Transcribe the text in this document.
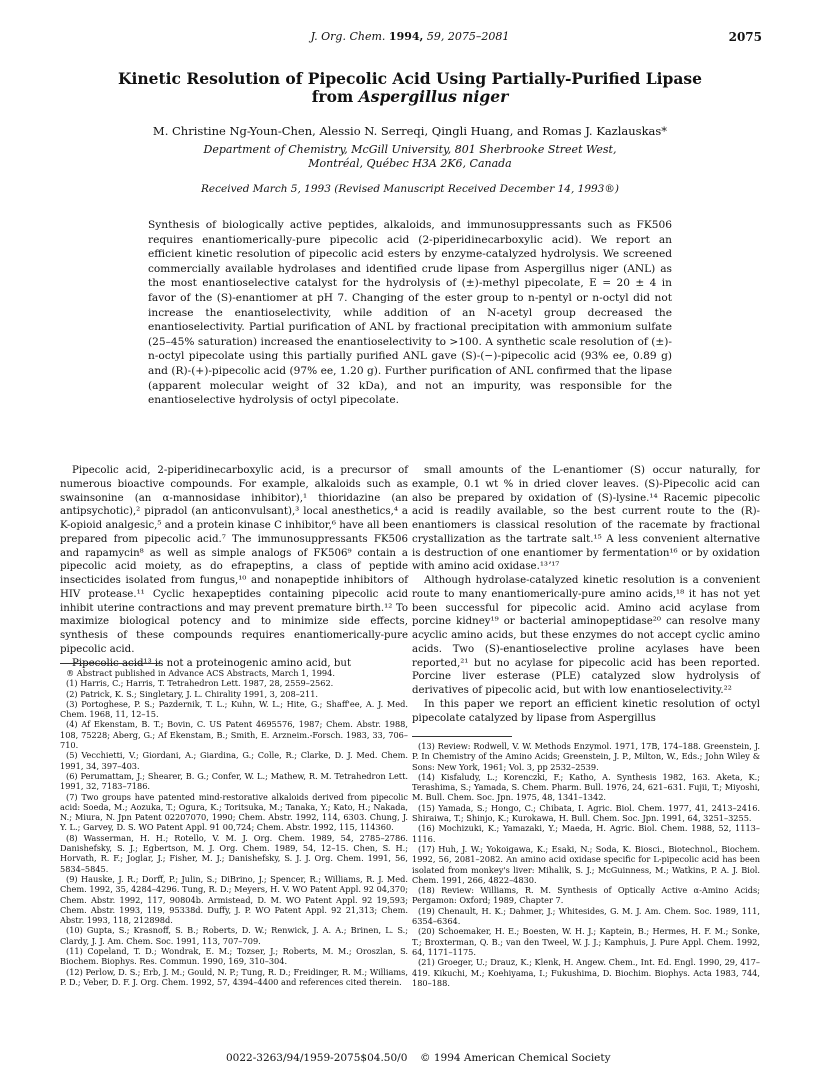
J. Org. Chem. 1994, 59, 2075–2081	2075
Kinetic Resolution of Pipecolic Acid Using Partially-Purified Lipase
from Aspergillus niger
M. Christine Ng-Youn-Chen, Alessio N. Serreqi, Qingli Huang, and Romas J. Kazlauskas*
Department of Chemistry, McGill University, 801 Sherbrooke Street West,
Montréal, Québec H3A 2K6, Canada
Received March 5, 1993 (Revised Manuscript Received December 14, 1993®)
Synthesis of biologically active peptides, alkaloids, and immunosuppressants such as FK506 requires enantiomerically-pure pipecolic acid (2-piperidinecarboxylic acid). We report an efficient kinetic resolution of pipecolic acid esters by enzyme-catalyzed hydrolysis. We screened commercially available hydrolases and identified crude lipase from Aspergillus niger (ANL) as the most enantioselective catalyst for the hydrolysis of (±)-methyl pipecolate, E = 20 ± 4 in favor of the (S)-enantiomer at pH 7. Changing of the ester group to n-pentyl or n-octyl did not increase the enantioselectivity, while addition of an N-acetyl group decreased the enantioselectivity. Partial purification of ANL by fractional precipitation with ammonium sulfate (25–45% saturation) increased the enantioselectivity to >100. A synthetic scale resolution of (±)-n-octyl pipecolate using this partially purified ANL gave (S)-(−)-pipecolic acid (93% ee, 0.89 g) and (R)-(+)-pipecolic acid (97% ee, 1.20 g). Further purification of ANL confirmed that the lipase (apparent molecular weight of 32 kDa), and not an impurity, was responsible for the enantioselective hydrolysis of octyl pipecolate.

Pipecolic acid, 2-piperidinecarboxylic acid, is a precursor of numerous bioactive compounds. For example, alkaloids such as swainsonine (an α-mannosidase inhibitor),¹ thioridazine (an antipsychotic),² pipradol (an anticonvulsant),³ local anesthetics,⁴ a K-opioid analgesic,⁵ and a protein kinase C inhibitor,⁶ have all been prepared from pipecolic acid.⁷ The immunosuppressants FK506 and rapamycin⁸ as well as simple analogs of FK506⁹ contain a pipecolic acid moiety, as do efrapeptins, a class of peptide insecticides isolated from fungus,¹⁰ and nonapeptide inhibitors of HIV protease.¹¹ Cyclic hexapeptides containing pipecolic acid inhibit uterine contractions and may prevent premature birth.¹² To maximize biological potency and to minimize side effects, synthesis of these compounds requires enantiomerically-pure pipecolic acid.

Pipecolic acid¹³ is not a proteinogenic amino acid, but

small amounts of the L-enantiomer (S) occur naturally, for example, 0.1 wt % in dried clover leaves. (S)-Pipecolic acid can also be prepared by oxidation of (S)-lysine.¹⁴ Racemic pipecolic acid is readily available, so the best current route to the (R)-enantiomers is classical resolution of the racemate by fractional crystallization as the tartrate salt.¹⁵ A less convenient alternative is destruction of one enantiomer by fermentation¹⁶ or by oxidation with amino acid oxidase.¹³ʼ¹⁷

Although hydrolase-catalyzed kinetic resolution is a convenient route to many enantiomerically-pure amino acids,¹⁸ it has not yet been successful for pipecolic acid. Amino acid acylase from porcine kidney¹⁹ or bacterial aminopeptidase²⁰ can resolve many acyclic amino acids, but these enzymes do not accept cyclic amino acids. Two (S)-enantioselective proline acylases have been reported,²¹ but no acylase for pipecolic acid has been reported. Porcine liver esterase (PLE) catalyzed slow hydrolysis of derivatives of pipecolic acid, but with low enantioselectivity.²²

In this paper we report an efficient kinetic resolution of octyl pipecolate catalyzed by lipase from Aspergillus

® Abstract published in Advance ACS Abstracts, March 1, 1994.

(1) Harris, C.; Harris, T. Tetrahedron Lett. 1987, 28, 2559–2562.

(2) Patrick, K. S.; Singletary, J. L. Chirality 1991, 3, 208–211.

(3) Portoghese, P. S.; Pazdernik, T. L.; Kuhn, W. L.; Hite, G.; Shaff'ee, A. J. Med. Chem. 1968, 11, 12–15.

(4) Af Ekenstam, B. T.; Bovin, C. US Patent 4695576, 1987; Chem. Abstr. 1988, 108, 75228; Aberg, G.; Af Ekenstam, B.; Smith, E. Arzneim.-Forsch. 1983, 33, 706–710.

(5) Vecchietti, V.; Giordani, A.; Giardina, G.; Colle, R.; Clarke, D. J. Med. Chem. 1991, 34, 397–403.

(6) Perumattam, J.; Shearer, B. G.; Confer, W. L.; Mathew, R. M. Tetrahedron Lett. 1991, 32, 7183–7186.

(7) Two groups have patented mind-restorative alkaloids derived from pipecolic acid: Soeda, M.; Aozuka, T.; Ogura, K.; Toritsuka, M.; Tanaka, Y.; Kato, H.; Nakada, N.; Miura, N. Jpn Patent 02207070, 1990; Chem. Abstr. 1992, 114, 6303. Chung, J. Y. L.; Garvey, D. S. WO Patent Appl. 91 00,724; Chem. Abstr. 1992, 115, 114360.

(8) Wasserman, H. H.; Rotello, V. M. J. Org. Chem. 1989, 54, 2785–2786. Danishefsky, S. J.; Egbertson, M. J. Org. Chem. 1989, 54, 12–15. Chen, S. H.; Horvath, R. F.; Joglar, J.; Fisher, M. J.; Danishefsky, S. J. J. Org. Chem. 1991, 56, 5834–5845.

(9) Hauske, J. R.; Dorff, P.; Julin, S.; DiBrino, J.; Spencer, R.; Williams, R. J. Med. Chem. 1992, 35, 4284–4296. Tung, R. D.; Meyers, H. V. WO Patent Appl. 92 04,370; Chem. Abstr. 1992, 117, 90804b. Armistead, D. M. WO Patent Appl. 92 19,593; Chem. Abstr. 1993, 119, 95338d. Duffy, J. P. WO Patent Appl. 92 21,313; Chem. Abstr. 1993, 118, 212898d.

(10) Gupta, S.; Krasnoff, S. B.; Roberts, D. W.; Renwick, J. A. A.; Brinen, L. S.; Clardy, J. J. Am. Chem. Soc. 1991, 113, 707–709.

(11) Copeland, T. D.; Wondrak, E. M.; Tozser, J.; Roberts, M. M.; Oroszlan, S. Biochem. Biophys. Res. Commun. 1990, 169, 310–304.

(12) Perlow, D. S.; Erb, J. M.; Gould, N. P.; Tung, R. D.; Freidinger, R. M.; Williams, P. D.; Veber, D. F. J. Org. Chem. 1992, 57, 4394–4400 and references cited therein.

(13) Review: Rodwell, V. W. Methods Enzymol. 1971, 17B, 174–188. Greenstein, J. P. In Chemistry of the Amino Acids; Greenstein, J. P., Milton, W., Eds.; John Wiley & Sons: New York, 1961; Vol. 3, pp 2532–2539.

(14) Kisfaludy, L.; Korenczki, F.; Katho, A. Synthesis 1982, 163. Aketa, K.; Terashima, S.; Yamada, S. Chem. Pharm. Bull. 1976, 24, 621–631. Fujii, T.; Miyoshi, M. Bull. Chem. Soc. Jpn. 1975, 48, 1341–1342.

(15) Yamada, S.; Hongo, C.; Chibata, I. Agric. Biol. Chem. 1977, 41, 2413–2416. Shiraiwa, T.; Shinjo, K.; Kurokawa, H. Bull. Chem. Soc. Jpn. 1991, 64, 3251–3255.

(16) Mochizuki, K.; Yamazaki, Y.; Maeda, H. Agric. Biol. Chem. 1988, 52, 1113–1116.

(17) Huh, J. W.; Yokoigawa, K.; Esaki, N.; Soda, K. Biosci., Biotechnol., Biochem. 1992, 56, 2081–2082. An amino acid oxidase specific for L-pipecolic acid has been isolated from monkey's liver: Mihalik, S. J.; McGuinness, M.; Watkins, P. A. J. Biol. Chem. 1991, 266, 4822–4830.

(18) Review: Williams, R. M. Synthesis of Optically Active α-Amino Acids; Pergamon: Oxford; 1989, Chapter 7.

(19) Chenault, H. K.; Dahmer, J.; Whitesides, G. M. J. Am. Chem. Soc. 1989, 111, 6354–6364.

(20) Schoemaker, H. E.; Boesten, W. H. J.; Kaptein, B.; Hermes, H. F. M.; Sonke, T.; Broxterman, Q. B.; van den Tweel, W. J. J.; Kamphuis, J. Pure Appl. Chem. 1992, 64, 1171–1175.

(21) Groeger, U.; Drauz, K.; Klenk, H. Angew. Chem., Int. Ed. Engl. 1990, 29, 417–419. Kikuchi, M.; Koehiyama, I.; Fukushima, D. Biochim. Biophys. Acta 1983, 744, 180–188.

0022-3263/94/1959-2075$04.50/0 © 1994 American Chemical Society
